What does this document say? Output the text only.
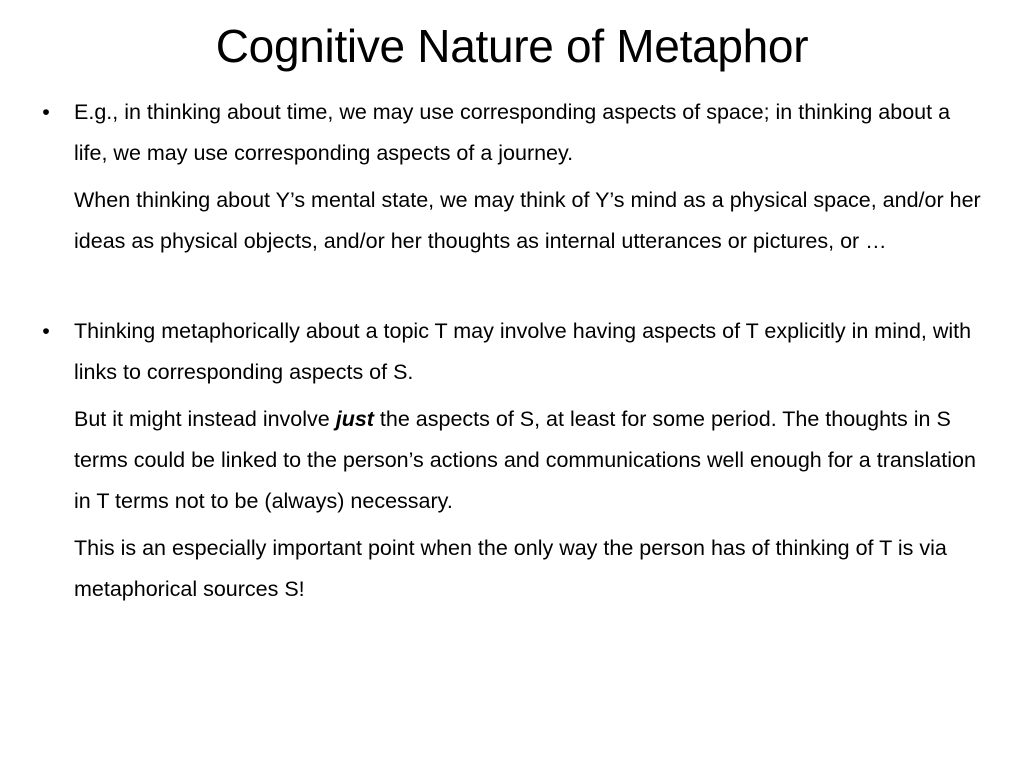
Cognitive Nature of Metaphor
• E.g., in thinking about time, we may use corresponding aspects of space; in thinking about a life, we may use corresponding aspects of a journey.

When thinking about Y’s mental state, we may think of Y’s mind as a physical space, and/or her ideas as physical objects, and/or her thoughts as internal utterances or pictures, or …

• Thinking metaphorically about a topic T may involve having aspects of T explicitly in mind, with links to corresponding aspects of S.

But it might instead involve just the aspects of S, at least for some period. The thoughts in S terms could be linked to the person’s actions and communications well enough for a translation in T terms not to be (always) necessary.

This is an especially important point when the only way the person has of thinking of T is via metaphorical sources S!
